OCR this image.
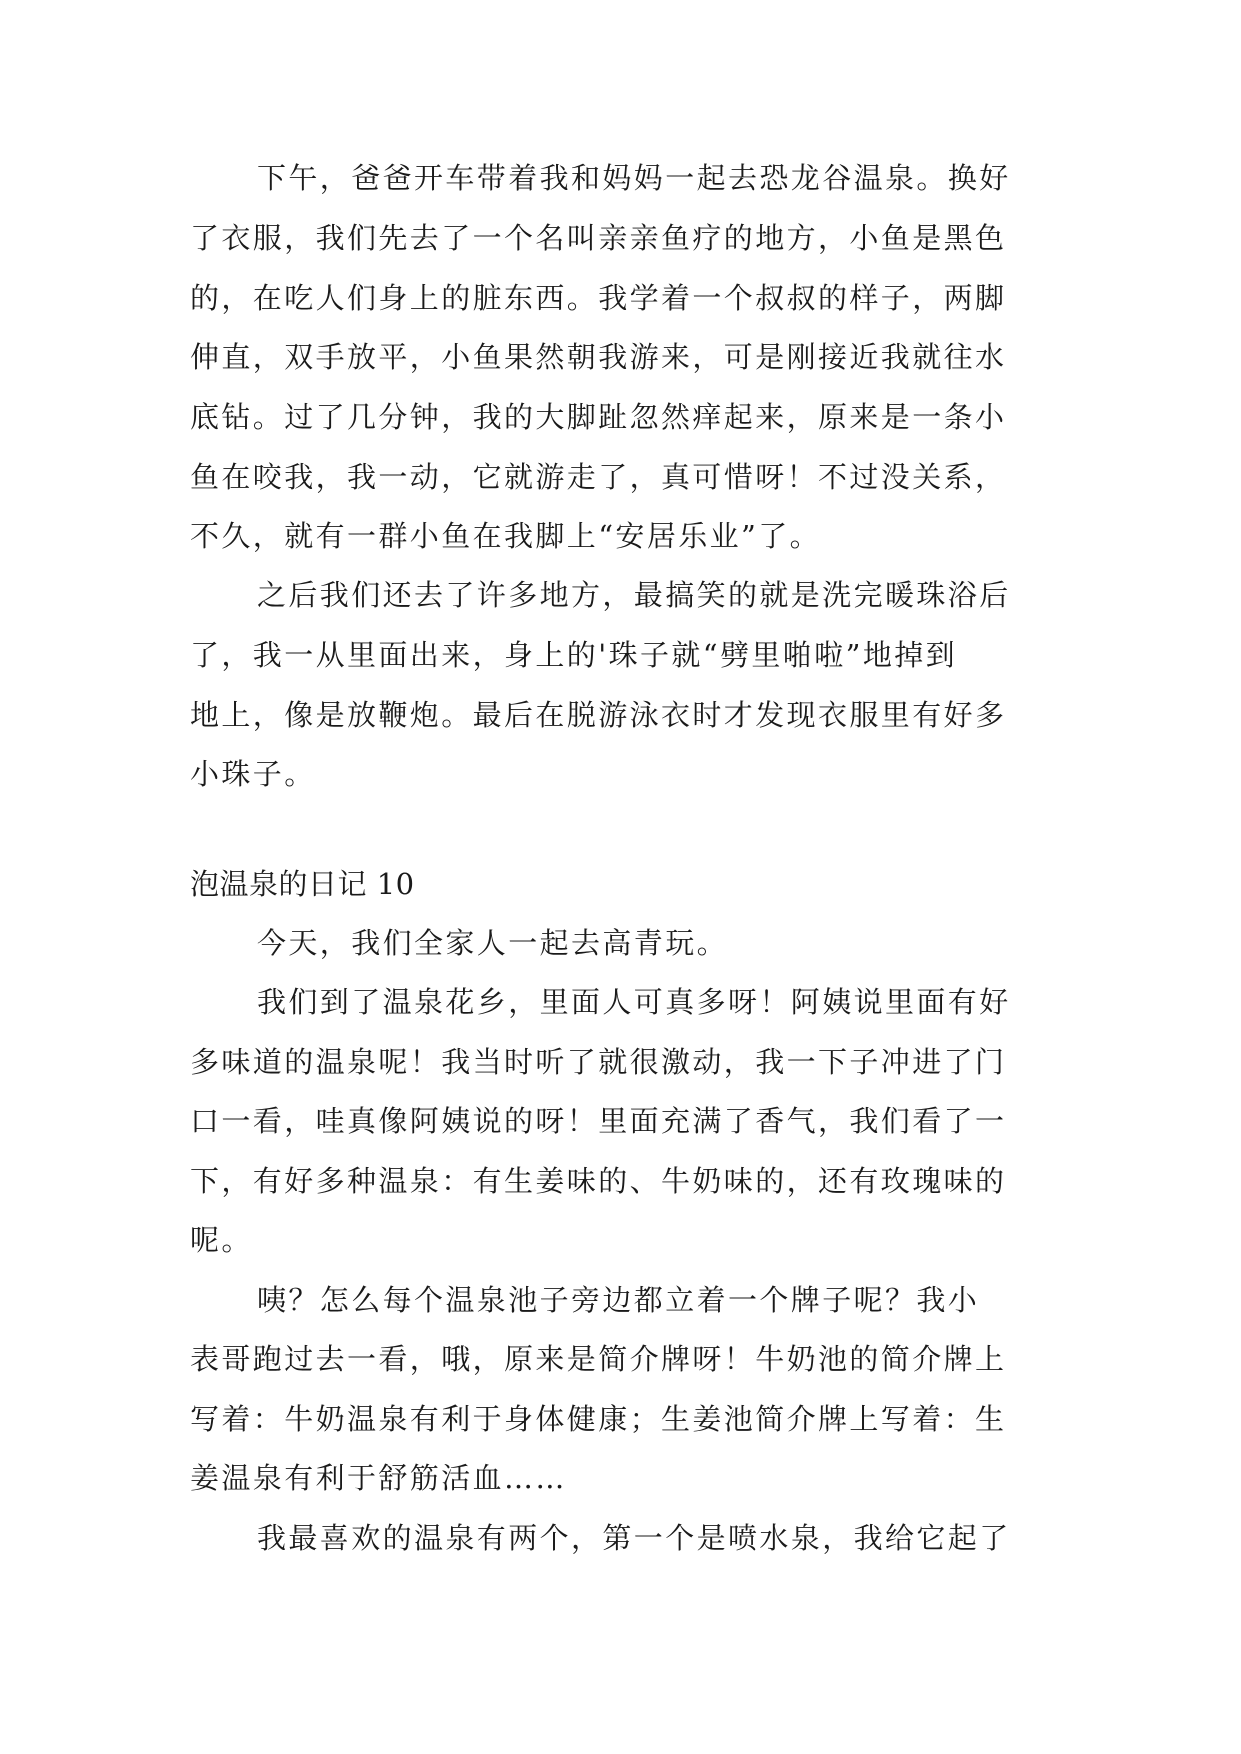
下午，爸爸开车带着我和妈妈一起去恐龙谷温泉。换好

了衣服，我们先去了一个名叫亲亲鱼疗的地方，小鱼是黑色

的，在吃人们身上的脏东西。我学着一个叔叔的样子，两脚

伸直，双手放平，小鱼果然朝我游来，可是刚接近我就往水

底钻。过了几分钟，我的大脚趾忽然痒起来，原来是一条小

鱼在咬我，我一动，它就游走了，真可惜呀！不过没关系，

不久，就有一群小鱼在我脚上“安居乐业”了。

之后我们还去了许多地方，最搞笑的就是洗完暖珠浴后

了，我一从里面出来，身上的'珠子就“劈里啪啦”地掉到

地上，像是放鞭炮。最后在脱游泳衣时才发现衣服里有好多

小珠子。

泡温泉的日记 10

今天，我们全家人一起去高青玩。

我们到了温泉花乡，里面人可真多呀！阿姨说里面有好

多味道的温泉呢！我当时听了就很激动，我一下子冲进了门

口一看，哇真像阿姨说的呀！里面充满了香气，我们看了一

下，有好多种温泉：有生姜味的、牛奶味的，还有玫瑰味的

呢。

咦？怎么每个温泉池子旁边都立着一个牌子呢？我小

表哥跑过去一看，哦，原来是简介牌呀！牛奶池的简介牌上

写着：牛奶温泉有利于身体健康；生姜池简介牌上写着：生

姜温泉有利于舒筋活血……

我最喜欢的温泉有两个，第一个是喷水泉，我给它起了
